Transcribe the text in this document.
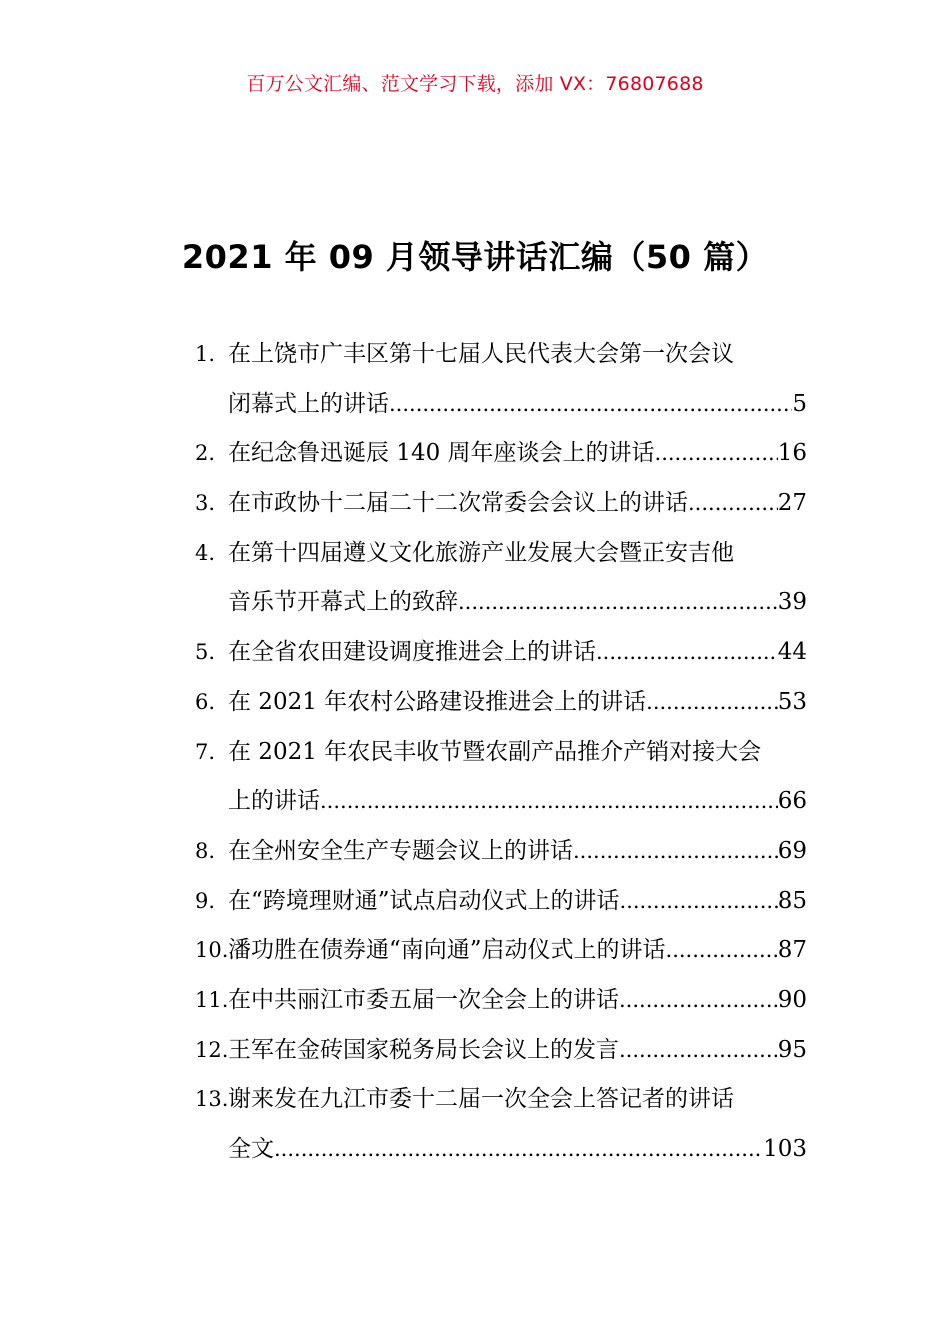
百万公文汇编、范文学习下载，添加 VX：76807688
2021 年 09 月领导讲话汇编（50 篇）
1. 在上饶市广丰区第十七届人民代表大会第一次会议
闭幕式上的讲话 .....	5
2. 在纪念鲁迅诞辰 140 周年座谈会上的讲话 .....	16
3. 在市政协十二届二十二次常委会会议上的讲话 .....	27
4. 在第十四届遵义文化旅游产业发展大会暨正安吉他
音乐节开幕式上的致辞 .....	39
5. 在全省农田建设调度推进会上的讲话 .....	44
6. 在 2021 年农村公路建设推进会上的讲话 .....	53
7. 在 2021 年农民丰收节暨农副产品推介产销对接大会
上的讲话 .....	66
8. 在全州安全生产专题会议上的讲话 .....	69
9. 在“跨境理财通”试点启动仪式上的讲话 .....	85
10. 潘功胜在债券通“南向通”启动仪式上的讲话 .....	87
11. 在中共丽江市委五届一次全会上的讲话 .....	90
12. 王军在金砖国家税务局长会议上的发言 .....	95
13. 谢来发在九江市委十二届一次全会上答记者的讲话
全文 .....	103
